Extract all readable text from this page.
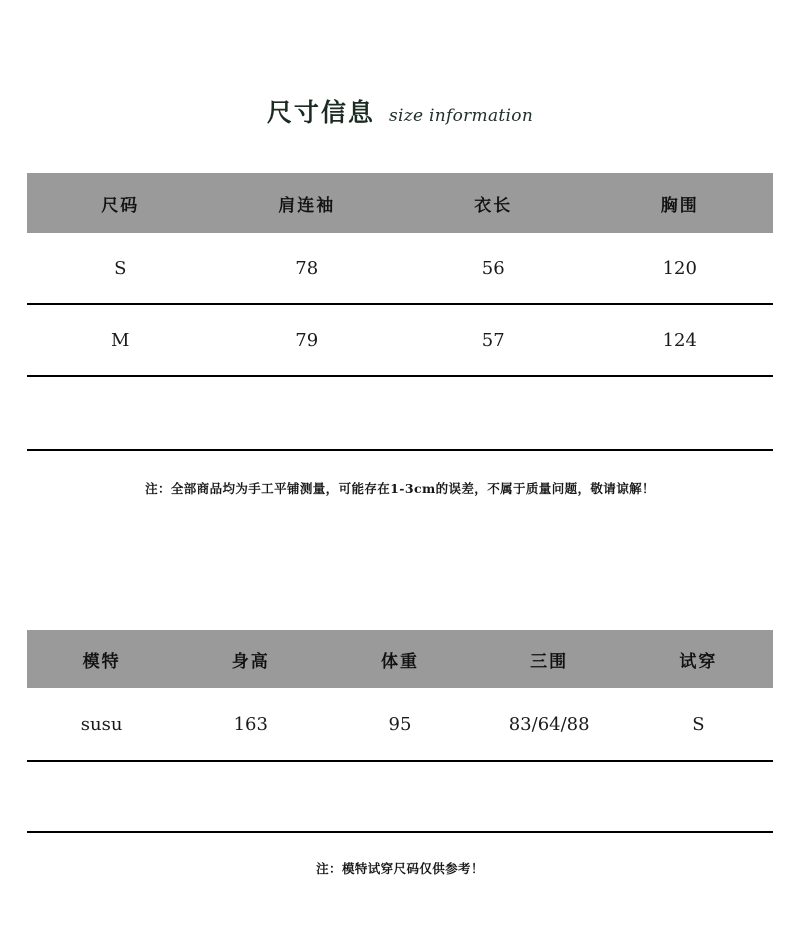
尺寸信息 size information
尺码	肩连袖	衣长	胸围
S	78	56	120
M	79	57	124

注：全部商品均为手工平铺测量，可能存在1-3cm的误差，不属于质量问题，敬请谅解！
模特	身高	体重	三围	试穿
susu	163	95	83/64/88	S

注：模特试穿尺码仅供参考！
